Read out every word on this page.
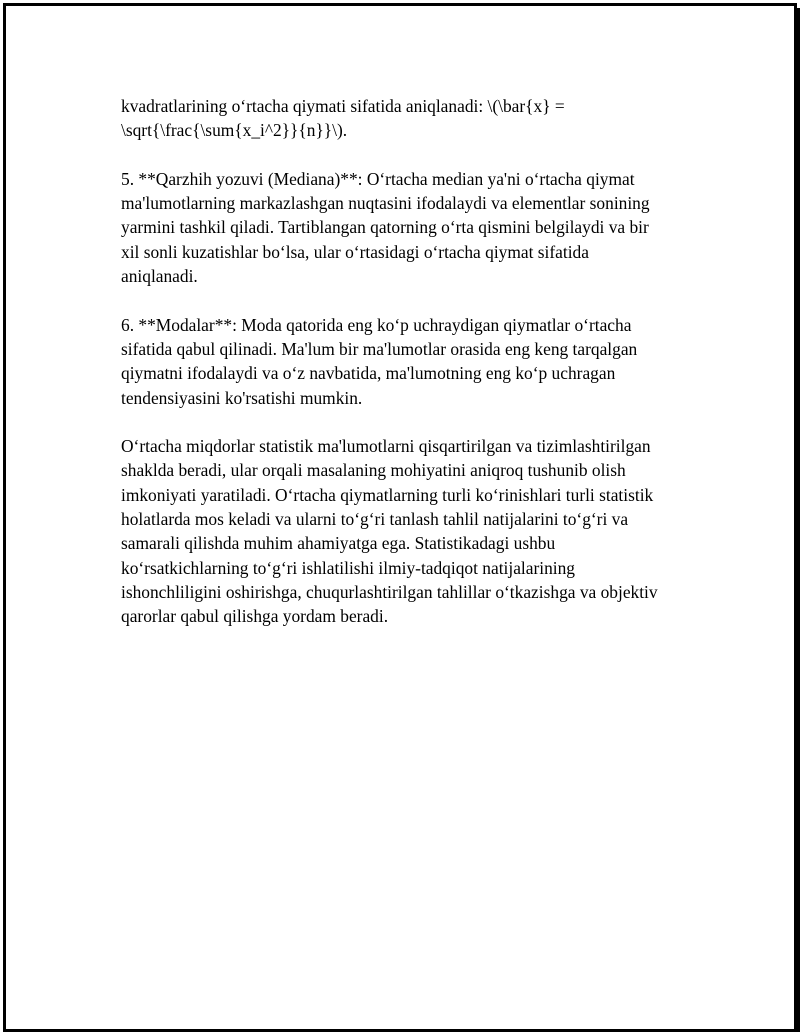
kvadratlarining oʻrtacha qiymati sifatida aniqlanadi: \(\bar{x} =
\sqrt{\frac{\sum{x_i^2}}{n}}\).

5. **Qarzhih yozuvi (Mediana)**: Oʻrtacha median ya'ni oʻrtacha qiymat
ma'lumotlarning markazlashgan nuqtasini ifodalaydi va elementlar sonining
yarmini tashkil qiladi. Tartiblangan qatorning oʻrta qismini belgilaydi va bir
xil sonli kuzatishlar boʻlsa, ular oʻrtasidagi oʻrtacha qiymat sifatida
aniqlanadi.

6. **Modalar**: Moda qatorida eng koʻp uchraydigan qiymatlar oʻrtacha
sifatida qabul qilinadi. Ma'lum bir ma'lumotlar orasida eng keng tarqalgan
qiymatni ifodalaydi va oʻz navbatida, ma'lumotning eng koʻp uchragan
tendensiyasini ko'rsatishi mumkin.

Oʻrtacha miqdorlar statistik ma'lumotlarni qisqartirilgan va tizimlashtirilgan
shaklda beradi, ular orqali masalaning mohiyatini aniqroq tushunib olish
imkoniyati yaratiladi. Oʻrtacha qiymatlarning turli koʻrinishlari turli statistik
holatlarda mos keladi va ularni toʻgʻri tanlash tahlil natijalarini toʻgʻri va
samarali qilishda muhim ahamiyatga ega. Statistikadagi ushbu
koʻrsatkichlarning toʻgʻri ishlatilishi ilmiy-tadqiqot natijalarining
ishonchliligini oshirishga, chuqurlashtirilgan tahlillar oʻtkazishga va objektiv
qarorlar qabul qilishga yordam beradi.
